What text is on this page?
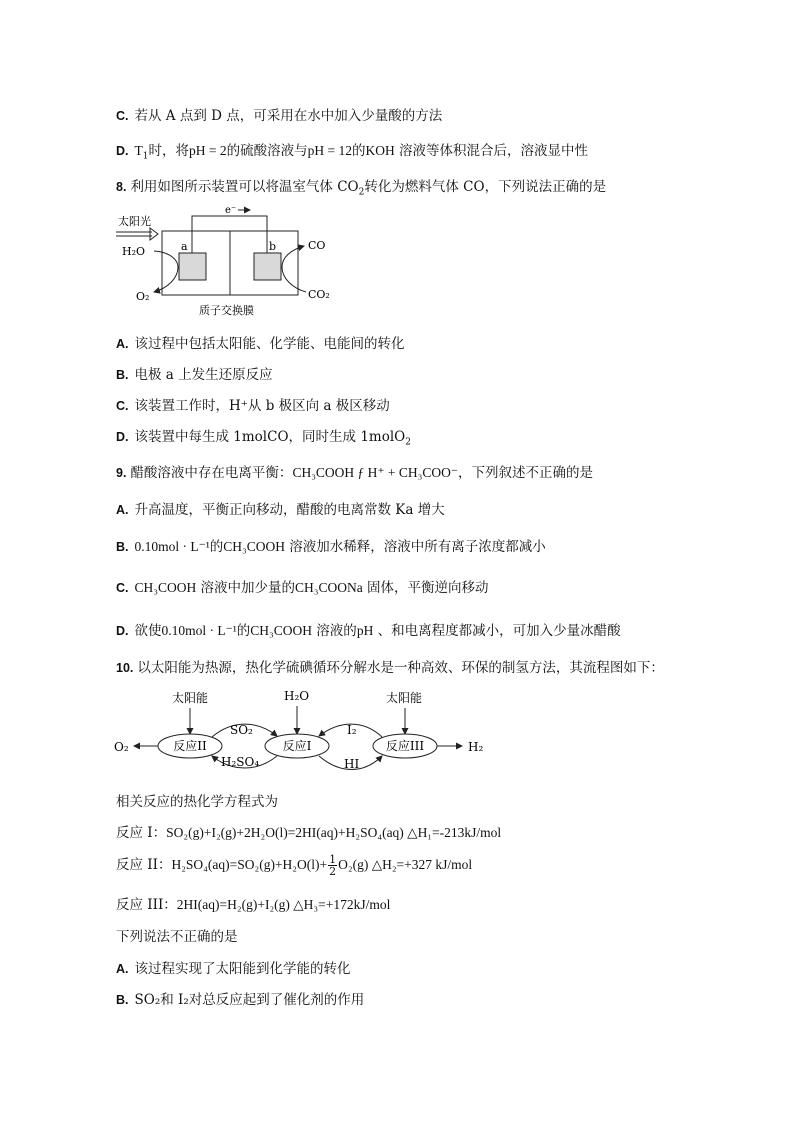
C. 若从 A 点到 D 点，可采用在水中加入少量酸的方法
D. $T_1$时，将pH = 2的硫酸溶液与pH = 12的KOH 溶液等体积混合后，溶液显中性
8. 利用如图所示装置可以将温室气体 $CO_2$转化为燃料气体 CO，下列说法正确的是
太阳光
a	b
e⁻
H₂O
O₂
CO
CO₂
质子交换膜
A. 该过程中包括太阳能、化学能、电能间的转化
B. 电极 a 上发生还原反应
C. 该装置工作时，H⁺从 b 极区向 a 极区移动
D. 该装置中每生成 1molCO，同时生成 1molO$_2$
9. 醋酸溶液中存在电离平衡：CH₃COOH ƒ H⁺ + CH₃COO⁻，下列叙述不正确的是
A. 升高温度，平衡正向移动，醋酸的电离常数 Ka 增大
B. 0.10mol · L⁻¹的CH₃COOH 溶液加水稀释，溶液中所有离子浓度都减小
C. CH₃COOH 溶液中加少量的CH₃COONa 固体，平衡逆向移动
D. 欲使0.10mol · L⁻¹的CH₃COOH 溶液的pH 、和电离程度都减小，可加入少量冰醋酸
10. 以太阳能为热源，热化学硫碘循环分解水是一种高效、环保的制氢方法，其流程图如下：
太阳能	H₂O	太阳能
反应II	反应I	反应III
O₂	H₂
SO₂
H₂SO₄
I₂
HI
相关反应的热化学方程式为
反应 I：SO₂(g)+I₂(g)+2H₂O(l)=2HI(aq)+H₂SO₄(aq) △H₁=-213kJ/mol
反应 II：$H_2SO_4(aq)=SO_2(g)+H_2O(l)+ \frac{1}{2} O_2(g)$ △H₂=+327 kJ/mol
反应 III：2HI(aq)=H₂(g)+I₂(g) △H₃=+172kJ/mol
下列说法不正确的是
A. 该过程实现了太阳能到化学能的转化
B. SO₂和 I₂对总反应起到了催化剂的作用
